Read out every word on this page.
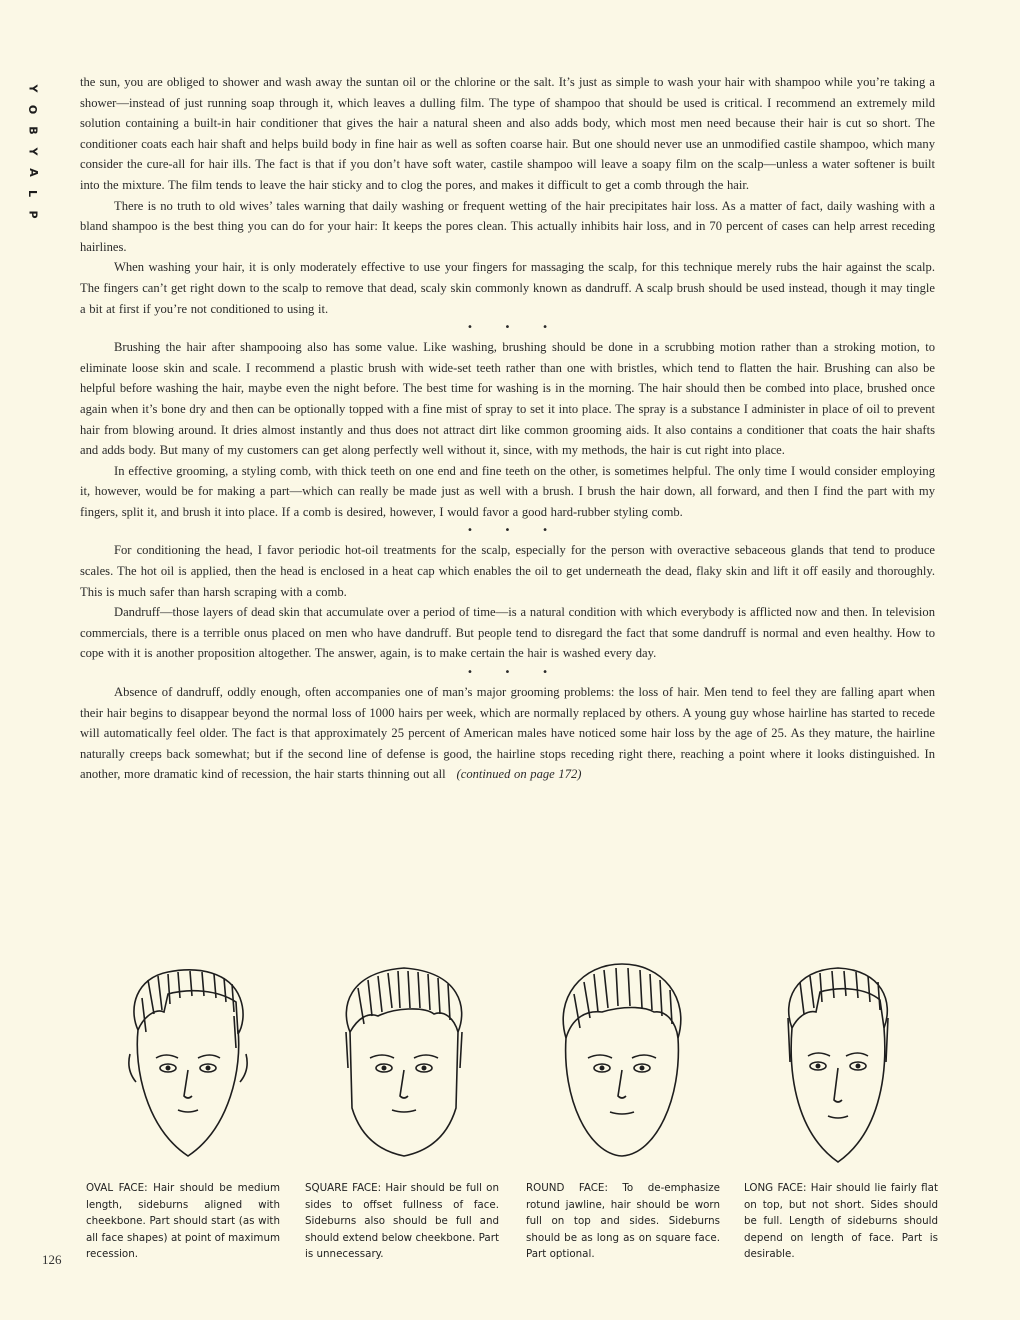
Y
O
B
Y
A
L
P

the sun, you are obliged to shower and wash away the suntan oil or the chlorine or the salt. It’s just as simple to wash your hair with shampoo while you’re taking a shower—instead of just running soap through it, which leaves a dulling film. The type of shampoo that should be used is critical. I recommend an extremely mild solution containing a built-in hair conditioner that gives the hair a natural sheen and also adds body, which most men need because their hair is cut so short. The conditioner coats each hair shaft and helps build body in fine hair as well as soften coarse hair. But one should never use an unmodified castile shampoo, which many consider the cure-all for hair ills. The fact is that if you don’t have soft water, castile shampoo will leave a soapy film on the scalp—unless a water softener is built into the mixture. The film tends to leave the hair sticky and to clog the pores, and makes it difficult to get a comb through the hair.

There is no truth to old wives’ tales warning that daily washing or frequent wetting of the hair precipitates hair loss. As a matter of fact, daily washing with a bland shampoo is the best thing you can do for your hair: It keeps the pores clean. This actually inhibits hair loss, and in 70 percent of cases can help arrest receding hairlines.

When washing your hair, it is only moderately effective to use your fingers for massaging the scalp, for this technique merely rubs the hair against the scalp. The fingers can’t get right down to the scalp to remove that dead, scaly skin commonly known as dandruff. A scalp brush should be used instead, though it may tingle a bit at first if you’re not conditioned to using it.

• • •

Brushing the hair after shampooing also has some value. Like washing, brushing should be done in a scrubbing motion rather than a stroking motion, to eliminate loose skin and scale. I recommend a plastic brush with wide-set teeth rather than one with bristles, which tend to flatten the hair. Brushing can also be helpful before washing the hair, maybe even the night before. The best time for washing is in the morning. The hair should then be combed into place, brushed once again when it’s bone dry and then can be optionally topped with a fine mist of spray to set it into place. The spray is a substance I administer in place of oil to prevent hair from blowing around. It dries almost instantly and thus does not attract dirt like common grooming aids. It also contains a conditioner that coats the hair shafts and adds body. But many of my customers can get along perfectly well without it, since, with my methods, the hair is cut right into place.

In effective grooming, a styling comb, with thick teeth on one end and fine teeth on the other, is sometimes helpful. The only time I would consider employing it, however, would be for making a part—which can really be made just as well with a brush. I brush the hair down, all forward, and then I find the part with my fingers, split it, and brush it into place. If a comb is desired, however, I would favor a good hard-rubber styling comb.

• • •

For conditioning the head, I favor periodic hot-oil treatments for the scalp, especially for the person with overactive sebaceous glands that tend to produce scales. The hot oil is applied, then the head is enclosed in a heat cap which enables the oil to get underneath the dead, flaky skin and lift it off easily and thoroughly. This is much safer than harsh scraping with a comb.

Dandruff—those layers of dead skin that accumulate over a period of time—is a natural condition with which everybody is afflicted now and then. In television commercials, there is a terrible onus placed on men who have dandruff. But people tend to disregard the fact that some dandruff is normal and even healthy. How to cope with it is another proposition altogether. The answer, again, is to make certain the hair is washed every day.

• • •

Absence of dandruff, oddly enough, often accompanies one of man’s major grooming problems: the loss of hair. Men tend to feel they are falling apart when their hair begins to disappear beyond the normal loss of 1000 hairs per week, which are normally replaced by others. A young guy whose hairline has started to recede will automatically feel older. The fact is that approximately 25 percent of American males have noticed some hair loss by the age of 25. As they mature, the hairline naturally creeps back somewhat; but if the second line of defense is good, the hairline stops receding right there, reaching a point where it looks distinguished. In another, more dramatic kind of recession, the hair starts thinning out all (continued on page 172)

OVAL FACE: Hair should be medium length, sideburns aligned with cheekbone. Part should start (as with all face shapes) at point of maximum recession.
SQUARE FACE: Hair should be full on sides to offset fullness of face. Sideburns also should be full and should extend below cheekbone. Part is unnecessary.
ROUND FACE: To de-emphasize rotund jawline, hair should be worn full on top and sides. Sideburns should be as long as on square face. Part optional.
LONG FACE: Hair should lie fairly flat on top, but not short. Sides should be full. Length of sideburns should depend on length of face. Part is desirable.
126
